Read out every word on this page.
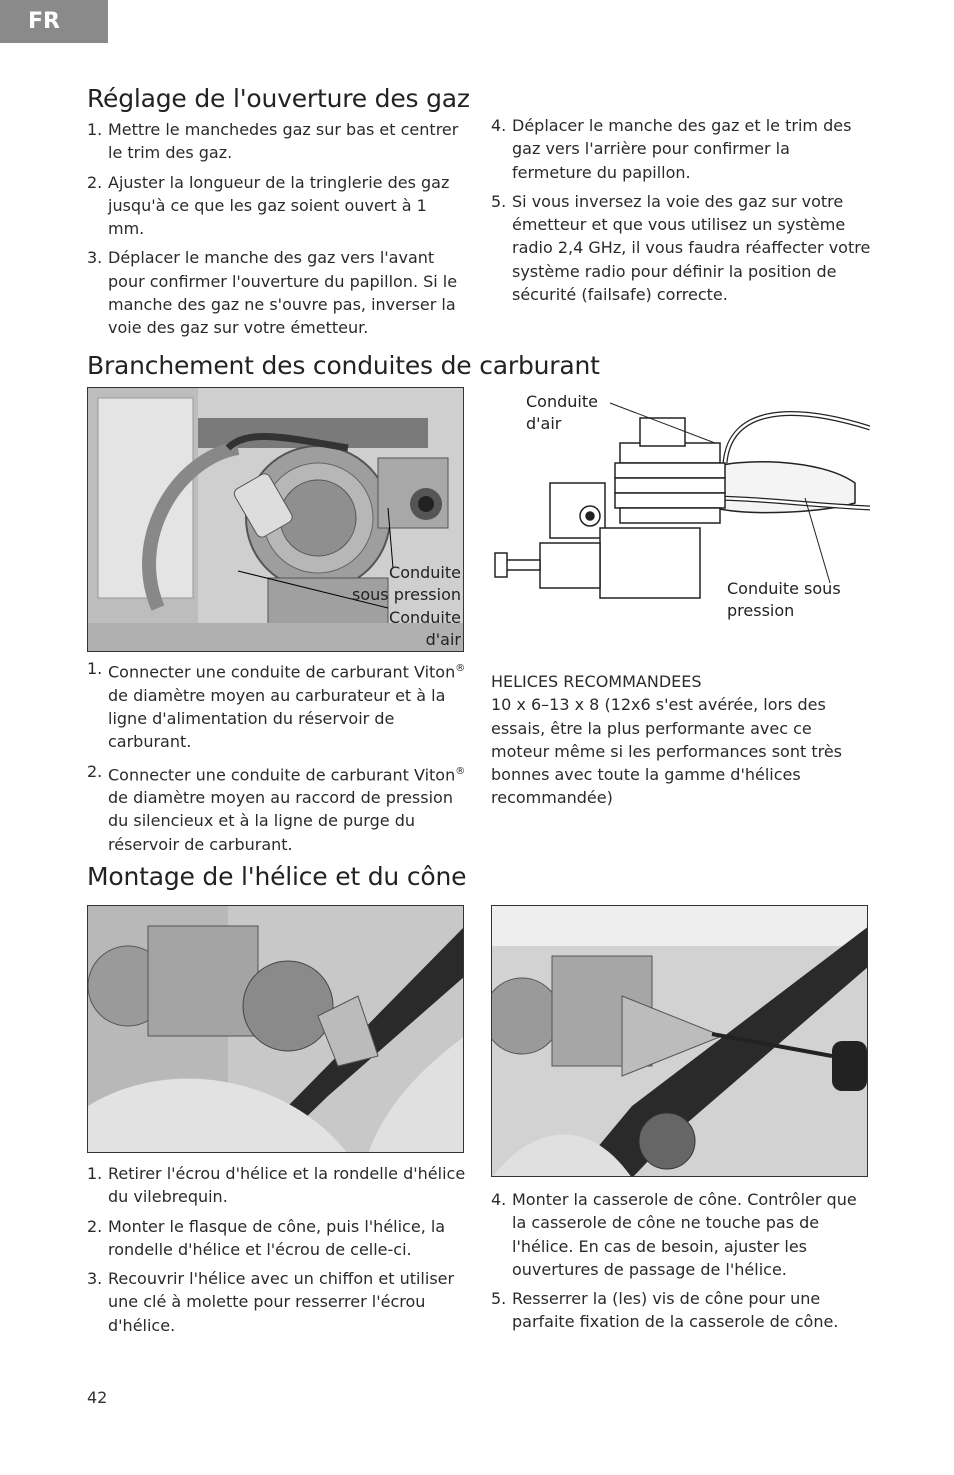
FR
Réglage de l'ouverture des gaz
1. Mettre le manchedes gaz sur bas et centrer le trim des gaz.
2. Ajuster la longueur de la tringlerie des gaz jusqu'à ce que les gaz soient ouvert à 1 mm.
3. Déplacer le manche des gaz vers l'avant pour confirmer l'ouverture du papillon. Si le manche des gaz ne s'ouvre pas, inverser la voie des gaz sur votre émetteur.
4. Déplacer le manche des gaz et le trim des gaz vers l'arrière pour confirmer la fermeture du papillon.
5. Si vous inversez la voie des gaz sur votre émetteur et que vous utilisez un système radio 2,4 GHz, il vous faudra réaffecter votre système radio pour définir la position de sécurité (failsafe) correcte.
Branchement des conduites de carburant
Conduite
sous pression
Conduite
d'air
Conduite
d'air
Conduite sous
pression
1. Connecter une conduite de carburant Viton® de diamètre moyen au carburateur et à la ligne d'alimentation du réservoir de carburant.
2. Connecter une conduite de carburant Viton® de diamètre moyen au raccord de pression du silencieux et à la ligne de purge du réservoir de carburant.
HELICES RECOMMANDEES
10 x 6–13 x 8 (12x6 s'est avérée, lors des essais, être la plus performante avec ce moteur même si les performances sont très bonnes avec toute la gamme d'hélices recommandée)
Montage de l'hélice et du cône
1. Retirer l'écrou d'hélice et la rondelle d'hélice du vilebrequin.
2. Monter le flasque de cône, puis l'hélice, la rondelle d'hélice et l'écrou de celle-ci.
3. Recouvrir l'hélice avec un chiffon et utiliser une clé à molette pour resserrer l'écrou d'hélice.
4. Monter la casserole de cône. Contrôler que la casserole de cône ne touche pas de l'hélice. En cas de besoin, ajuster les ouvertures de passage de l'hélice.
5. Resserrer la (les) vis de cône pour une parfaite fixation de la casserole de cône.
42
